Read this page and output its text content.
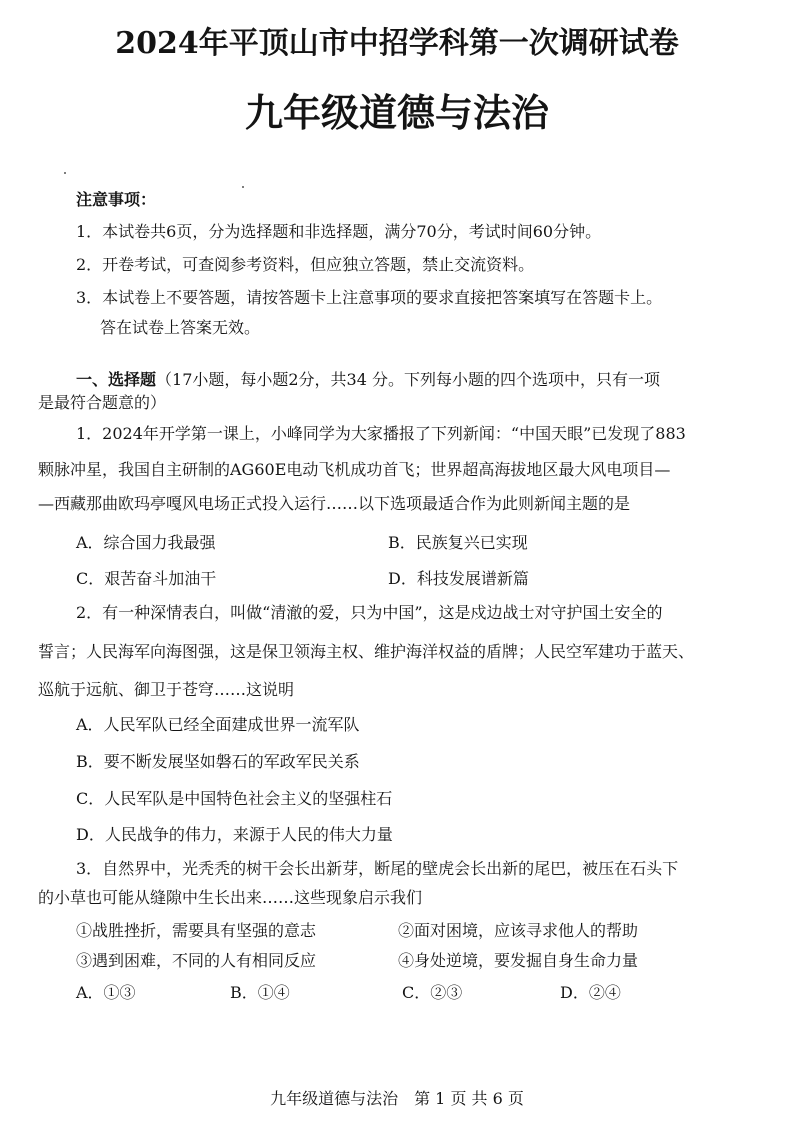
2024年平顶山市中招学科第一次调研试卷
九年级道德与法治
注意事项：
1．本试卷共6页，分为选择题和非选择题，满分70分，考试时间60分钟。
2．开卷考试，可查阅参考资料，但应独立答题，禁止交流资料。
3．本试卷上不要答题，请按答题卡上注意事项的要求直接把答案填写在答题卡上。
答在试卷上答案无效。
一、选择题（17小题，每小题2分，共34 分。下列每小题的四个选项中，只有一项
是最符合题意的）
1．2024年开学第一课上，小峰同学为大家播报了下列新闻：“中国天眼”已发现了883
颗脉冲星，我国自主研制的AG60E电动飞机成功首飞；世界超高海拔地区最大风电项目—
—西藏那曲欧玛亭嘎风电场正式投入运行……以下选项最适合作为此则新闻主题的是
A．综合国力我最强	B．民族复兴已实现
C．艰苦奋斗加油干	D．科技发展谱新篇
2．有一种深情表白，叫做“清澈的爱，只为中国”，这是戍边战士对守护国土安全的
誓言；人民海军向海图强，这是保卫领海主权、维护海洋权益的盾牌；人民空军建功于蓝天、
巡航于远航、御卫于苍穹……这说明
A．人民军队已经全面建成世界一流军队
B．要不断发展坚如磐石的军政军民关系
C．人民军队是中国特色社会主义的坚强柱石
D．人民战争的伟力，来源于人民的伟大力量
3．自然界中，光秃秃的树干会长出新芽，断尾的壁虎会长出新的尾巴，被压在石头下
的小草也可能从缝隙中生长出来……这些现象启示我们
①战胜挫折，需要具有坚强的意志	②面对困境，应该寻求他人的帮助
③遇到困难，不同的人有相同反应	④身处逆境，要发掘自身生命力量
A．①③	B．①④	C．②③	D．②④
九年级道德与法治　第 1 页 共 6 页
